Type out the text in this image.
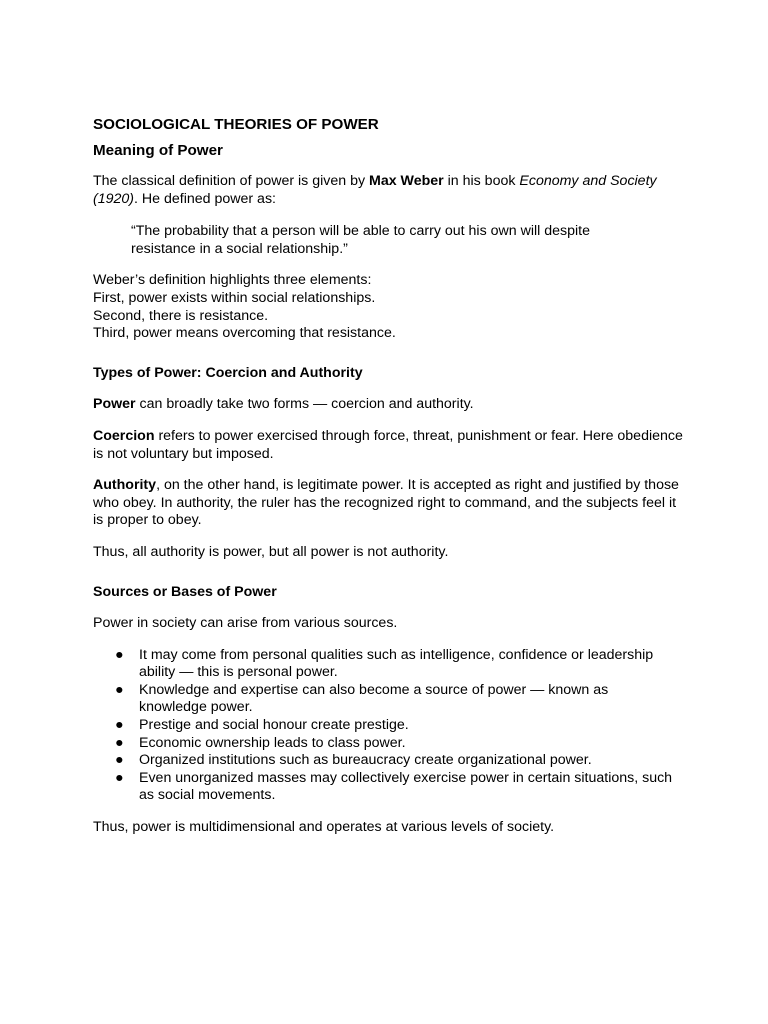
SOCIOLOGICAL THEORIES OF POWER
Meaning of Power

The classical definition of power is given by Max Weber in his book Economy and Society (1920). He defined power as:

“The probability that a person will be able to carry out his own will despite resistance in a social relationship.”

Weber’s definition highlights three elements:

First, power exists within social relationships.

Second, there is resistance.

Third, power means overcoming that resistance.

Types of Power: Coercion and Authority

Power can broadly take two forms — coercion and authority.

Coercion refers to power exercised through force, threat, punishment or fear. Here obedience is not voluntary but imposed.

Authority, on the other hand, is legitimate power. It is accepted as right and justified by those who obey. In authority, the ruler has the recognized right to command, and the subjects feel it is proper to obey.

Thus, all authority is power, but all power is not authority.

Sources or Bases of Power

Power in society can arise from various sources.

● It may come from personal qualities such as intelligence, confidence or leadership ability — this is personal power.
● Knowledge and expertise can also become a source of power — known as knowledge power.
● Prestige and social honour create prestige.
● Economic ownership leads to class power.
● Organized institutions such as bureaucracy create organizational power.
● Even unorganized masses may collectively exercise power in certain situations, such as social movements.

Thus, power is multidimensional and operates at various levels of society.
